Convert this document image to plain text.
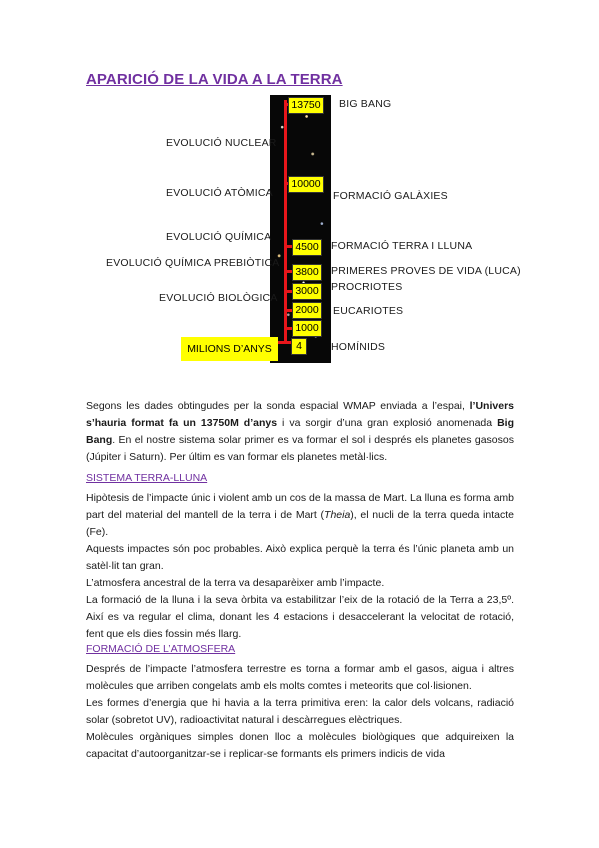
APARICIÓ DE LA VIDA A LA TERRA
13750
10000
4500
3800
3000
2000
1000
4
EVOLUCIÓ NUCLEAR
EVOLUCIÓ ATÒMICA
EVOLUCIÓ QUÍMICA
EVOLUCIÓ QUÍMICA PREBIÒTICA
EVOLUCIÓ BIOLÒGICA
BIG BANG
FORMACIÓ GALÀXIES
FORMACIÓ TERRA I LLUNA
PRIMERES PROVES DE VIDA (LUCA)
PROCRIOTES
EUCARIOTES
HOMÍNIDS
MILIONS D’ANYS

Segons les dades obtingudes per la sonda espacial WMAP enviada a l’espai, l’Univers s’hauria format fa un 13750M d’anys i va sorgir d’una gran explosió anomenada Big Bang. En el nostre sistema solar primer es va formar el sol i després els planetes gasosos (Júpiter i Saturn). Per últim es van formar els planetes metàl·lics.

SISTEMA TERRA-LLUNA

Hipòtesis de l’impacte únic i violent amb un cos de la massa de Mart. La lluna es forma amb part del material del mantell de la terra i de Mart (Theia), el nucli de la terra queda intacte (Fe).

Aquests impactes són poc probables. Això explica perquè la terra és l’únic planeta amb un satèl·lit tan gran.

L’atmosfera ancestral de la terra va desaparèixer amb l’impacte.

La formació de la lluna i la seva òrbita va estabilitzar l’eix de la rotació de la Terra a 23,5º. Així es va regular el clima, donant les 4 estacions i desaccelerant la velocitat de rotació, fent que els dies fossin més llarg.

FORMACIÓ DE L’ATMOSFERA

Després de l’impacte l’atmosfera terrestre es torna a formar amb el gasos, aigua i altres molècules que arriben congelats amb els molts comtes i meteorits que col·lisionen.

Les formes d’energia que hi havia a la terra primitiva eren: la calor dels volcans, radiació solar (sobretot UV), radioactivitat natural i descàrregues elèctriques.

Molècules orgàniques simples donen lloc a molècules biològiques que adquireixen la capacitat d’autoorganitzar-se i replicar-se formants els primers indicis de vida
